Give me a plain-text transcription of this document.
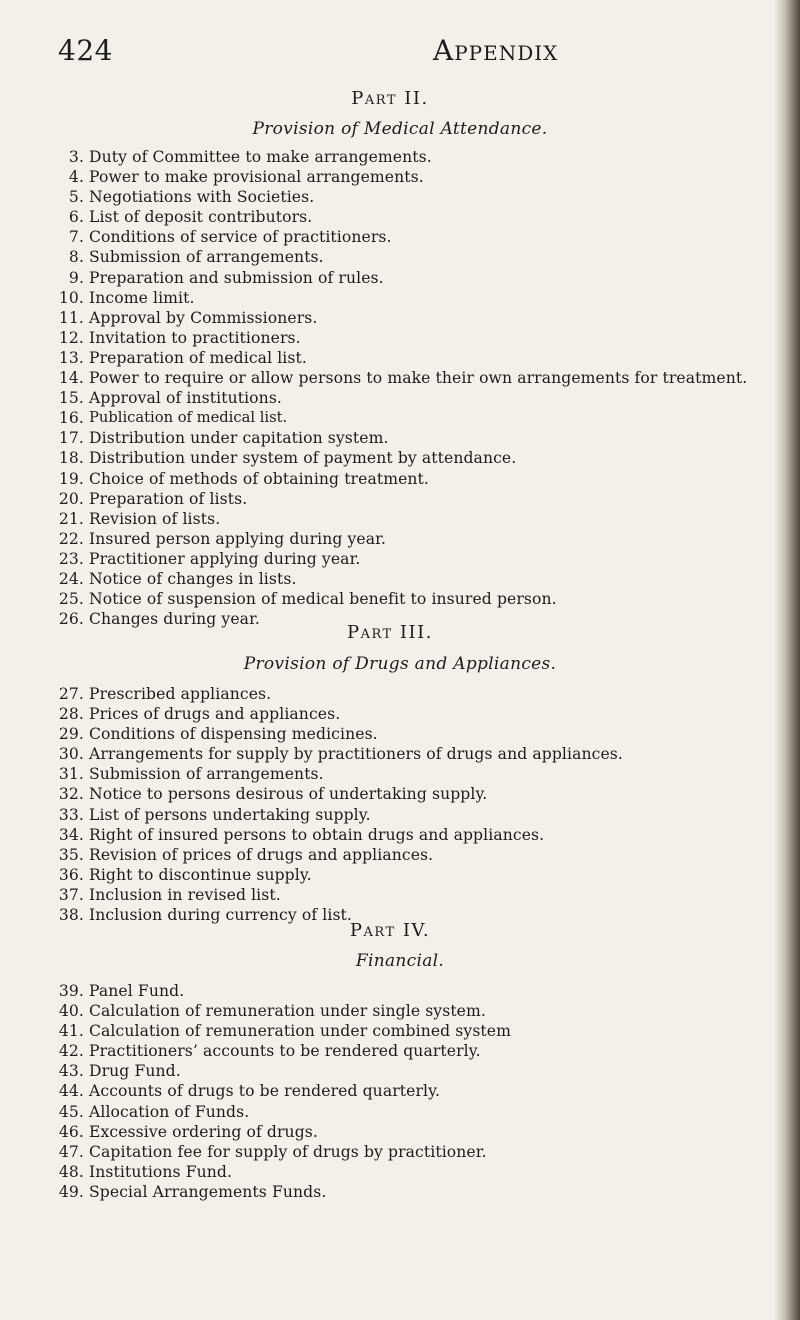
424	Appendix
Part II.
Provision of Medical Attendance.
3. Duty of Committee to make arrangements.
4. Power to make provisional arrangements.
5. Negotiations with Societies.
6. List of deposit contributors.
7. Conditions of service of practitioners.
8. Submission of arrangements.
9. Preparation and submission of rules.
10. Income limit.
11. Approval by Commissioners.
12. Invitation to practitioners.
13. Preparation of medical list.
14. Power to require or allow persons to make their own arrangements for treatment.
15. Approval of institutions.
16. Publication of medical list.
17. Distribution under capitation system.
18. Distribution under system of payment by attendance.
19. Choice of methods of obtaining treatment.
20. Preparation of lists.
21. Revision of lists.
22. Insured person applying during year.
23. Practitioner applying during year.
24. Notice of changes in lists.
25. Notice of suspension of medical benefit to insured person.
26. Changes during year.
Part III.
Provision of Drugs and Appliances.
27. Prescribed appliances.
28. Prices of drugs and appliances.
29. Conditions of dispensing medicines.
30. Arrangements for supply by practitioners of drugs and appliances.
31. Submission of arrangements.
32. Notice to persons desirous of undertaking supply.
33. List of persons undertaking supply.
34. Right of insured persons to obtain drugs and appliances.
35. Revision of prices of drugs and appliances.
36. Right to discontinue supply.
37. Inclusion in revised list.
38. Inclusion during currency of list.
Part IV.
Financial.
39. Panel Fund.
40. Calculation of remuneration under single system.
41. Calculation of remuneration under combined system
42. Practitioners’ accounts to be rendered quarterly.
43. Drug Fund.
44. Accounts of drugs to be rendered quarterly.
45. Allocation of Funds.
46. Excessive ordering of drugs.
47. Capitation fee for supply of drugs by practitioner.
48. Institutions Fund.
49. Special Arrangements Funds.
